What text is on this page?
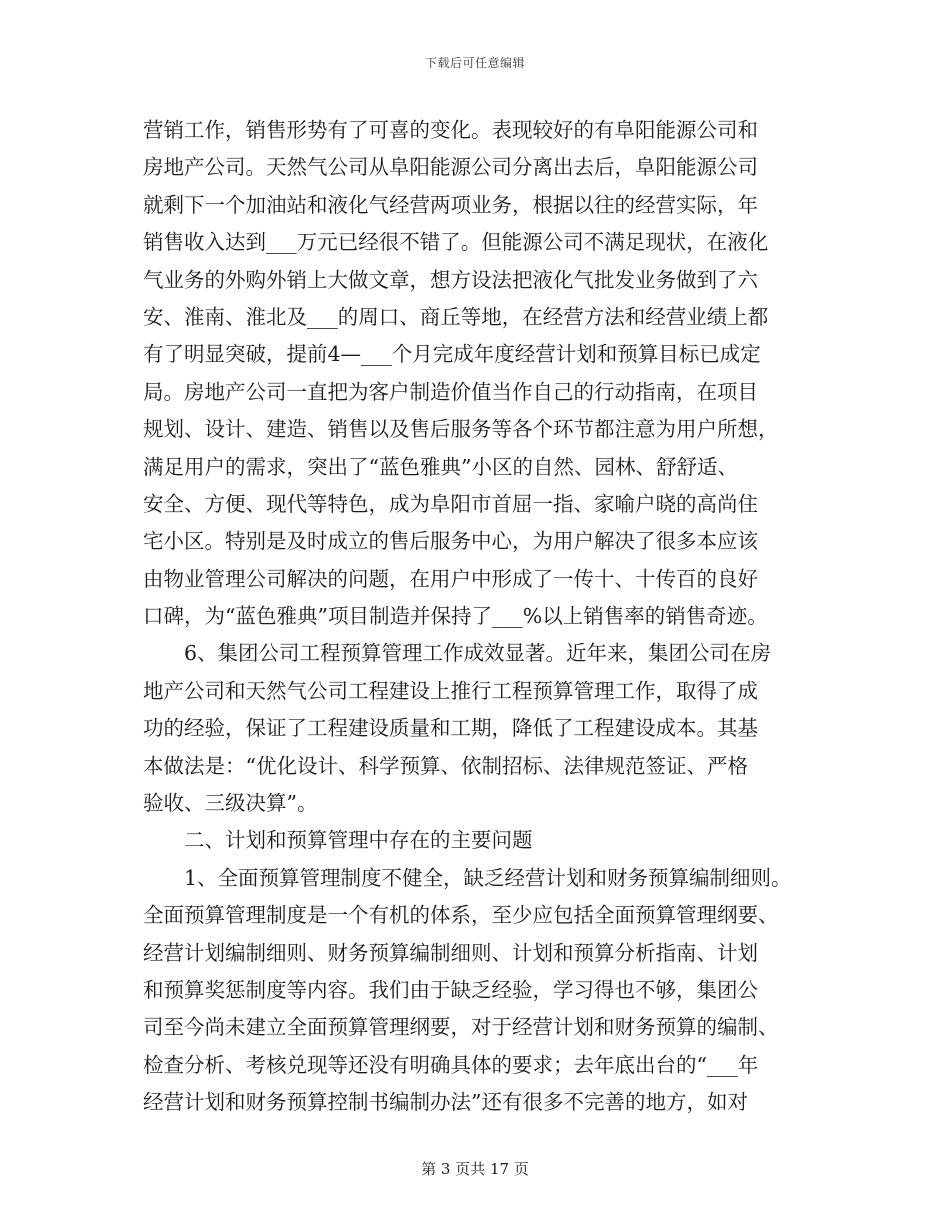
下载后可任意编辑
营销工作，销售形势有了可喜的变化。表现较好的有阜阳能源公司和
房地产公司。天然气公司从阜阳能源公司分离出去后，阜阳能源公司
就剩下一个加油站和液化气经营两项业务，根据以往的经营实际，年
销售收入达到___万元已经很不错了。但能源公司不满足现状，在液化
气业务的外购外销上大做文章，想方设法把液化气批发业务做到了六
安、淮南、淮北及___的周口、商丘等地，在经营方法和经营业绩上都
有了明显突破，提前4—___个月完成年度经营计划和预算目标已成定
局。房地产公司一直把为客户制造价值当作自己的行动指南，在项目
规划、设计、建造、销售以及售后服务等各个环节都注意为用户所想，
满足用户的需求，突出了“蓝色雅典”小区的自然、园林、舒舒适、
安全、方便、现代等特色，成为阜阳市首屈一指、家喻户晓的高尚住
宅小区。特别是及时成立的售后服务中心，为用户解决了很多本应该
由物业管理公司解决的问题，在用户中形成了一传十、十传百的良好
口碑，为“蓝色雅典”项目制造并保持了___%以上销售率的销售奇迹。
6、集团公司工程预算管理工作成效显著。近年来，集团公司在房
地产公司和天然气公司工程建设上推行工程预算管理工作，取得了成
功的经验，保证了工程建设质量和工期，降低了工程建设成本。其基
本做法是：“优化设计、科学预算、依制招标、法律规范签证、严格
验收、三级决算”。
二、计划和预算管理中存在的主要问题
1、全面预算管理制度不健全，缺乏经营计划和财务预算编制细则。
全面预算管理制度是一个有机的体系，至少应包括全面预算管理纲要、
经营计划编制细则、财务预算编制细则、计划和预算分析指南、计划
和预算奖惩制度等内容。我们由于缺乏经验，学习得也不够，集团公
司至今尚未建立全面预算管理纲要，对于经营计划和财务预算的编制、
检查分析、考核兑现等还没有明确具体的要求；去年底出台的“___年
经营计划和财务预算控制书编制办法”还有很多不完善的地方，如对
第 3 页共 17 页
